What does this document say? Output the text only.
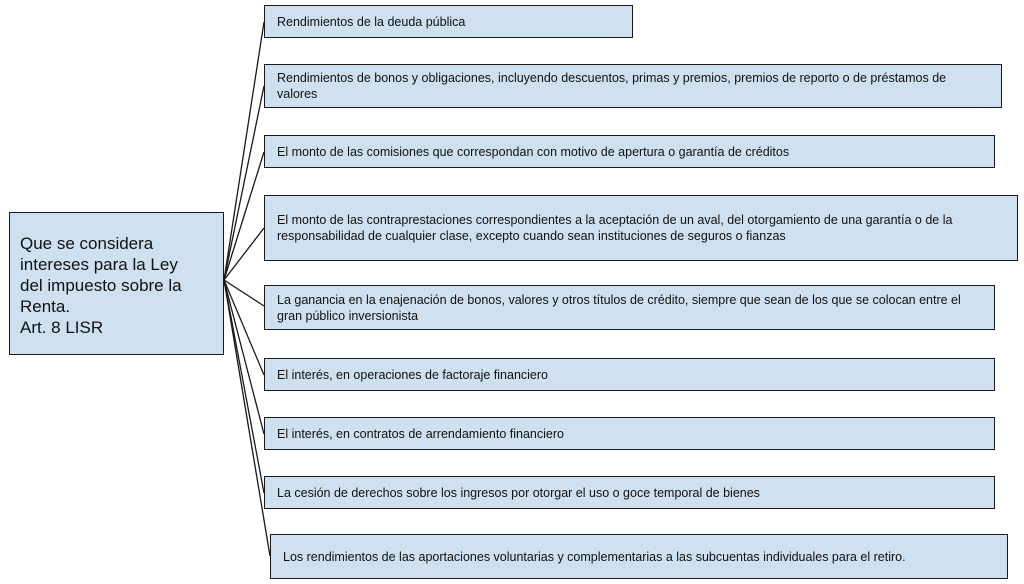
Que se considera
intereses para la Ley
del impuesto sobre la
Renta.
Art. 8 LISR
Rendimientos de la deuda pública
Rendimientos de bonos y obligaciones, incluyendo descuentos, primas y premios, premios de reporto o de préstamos de valores
El monto de las comisiones que correspondan con motivo de apertura o garantía de créditos
El monto de las contraprestaciones correspondientes a la aceptación de un aval, del otorgamiento de una garantía o de la responsabilidad de cualquier clase, excepto cuando sean instituciones de seguros o fianzas
La ganancia en la enajenación de bonos, valores y otros títulos de crédito, siempre que sean de los que se colocan entre el gran público inversionista
El interés, en operaciones de factoraje financiero
El interés, en contratos de arrendamiento financiero
La cesión de derechos sobre los ingresos por otorgar el uso o goce temporal de bienes
Los rendimientos de las aportaciones voluntarias y complementarias a las subcuentas individuales para el retiro.
